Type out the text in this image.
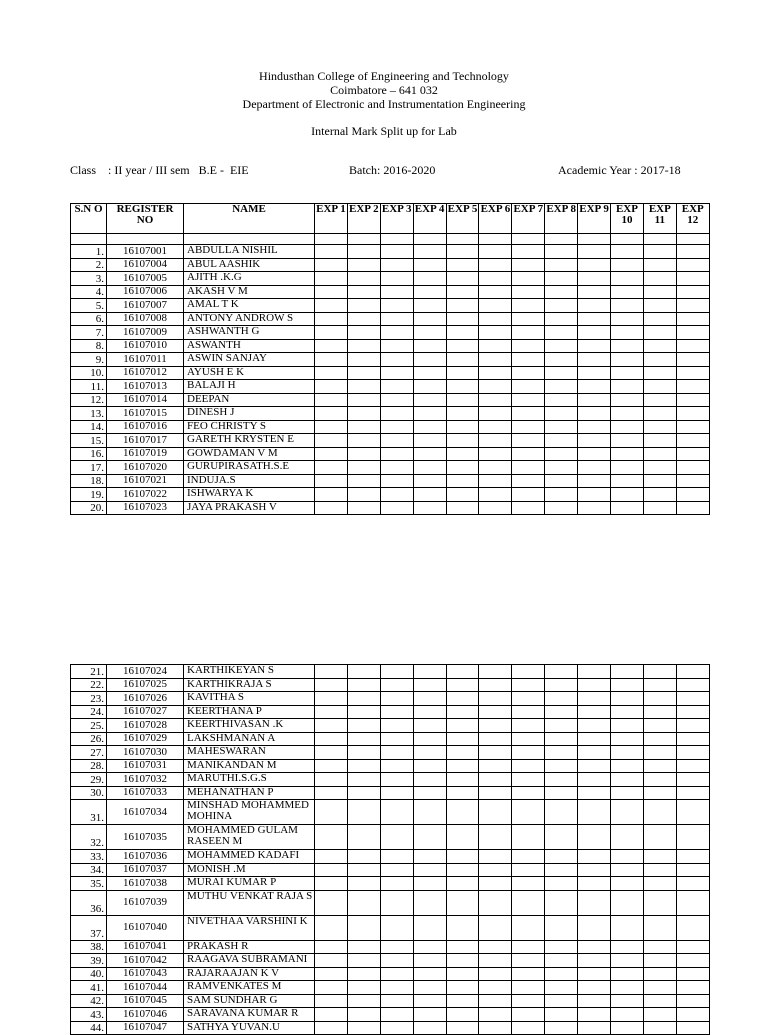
Hindusthan College of Engineering and Technology
Coimbatore – 641 032
Department of Electronic and Instrumentation Engineering
Internal Mark Split up for Lab
Class    : II year / III sem   B.E -  EIE	Batch: 2016-2020	Academic Year : 2017-18
S.N O	REGISTER NO	NAME	EXP 1	EXP 2	EXP 3	EXP 4	EXP 5	EXP 6	EXP 7	EXP 8	EXP 9	EXP 10	EXP 11	EXP 12

1.	16107001	ABDULLA NISHIL												
2.	16107004	ABUL AASHIK												
3.	16107005	AJITH .K.G												
4.	16107006	AKASH V M												
5.	16107007	AMAL T K												
6.	16107008	ANTONY ANDROW S												
7.	16107009	ASHWANTH G												
8.	16107010	ASWANTH												
9.	16107011	ASWIN SANJAY												
10.	16107012	AYUSH E K												
11.	16107013	BALAJI H												
12.	16107014	DEEPAN												
13.	16107015	DINESH J												
14.	16107016	FEO CHRISTY S												
15.	16107017	GARETH KRYSTEN E												
16.	16107019	GOWDAMAN V M												
17.	16107020	GURUPIRASATH.S.E												
18.	16107021	INDUJA.S												
19.	16107022	ISHWARYA K												
20.	16107023	JAYA PRAKASH V												
21.	16107024	KARTHIKEYAN S												
22.	16107025	KARTHIKRAJA S												
23.	16107026	KAVITHA S												
24.	16107027	KEERTHANA P												
25.	16107028	KEERTHIVASAN .K												
26.	16107029	LAKSHMANAN A												
27.	16107030	MAHESWARAN												
28.	16107031	MANIKANDAN M												
29.	16107032	MARUTHI.S.G.S												
30.	16107033	MEHANATHAN P												
31.	16107034	MINSHAD MOHAMMED MOHINA												
32.	16107035	MOHAMMED GULAM RASEEN M												
33.	16107036	MOHAMMED KADAFI												
34.	16107037	MONISH .M												
35.	16107038	MURAI KUMAR P												
36.	16107039	MUTHU VENKAT RAJA S												
37.	16107040	NIVETHAA VARSHINI K												
38.	16107041	PRAKASH R												
39.	16107042	RAAGAVA SUBRAMANI												
40.	16107043	RAJARAAJAN K V												
41.	16107044	RAMVENKATES M												
42.	16107045	SAM SUNDHAR G												
43.	16107046	SARAVANA KUMAR R												
44.	16107047	SATHYA YUVAN.U												
